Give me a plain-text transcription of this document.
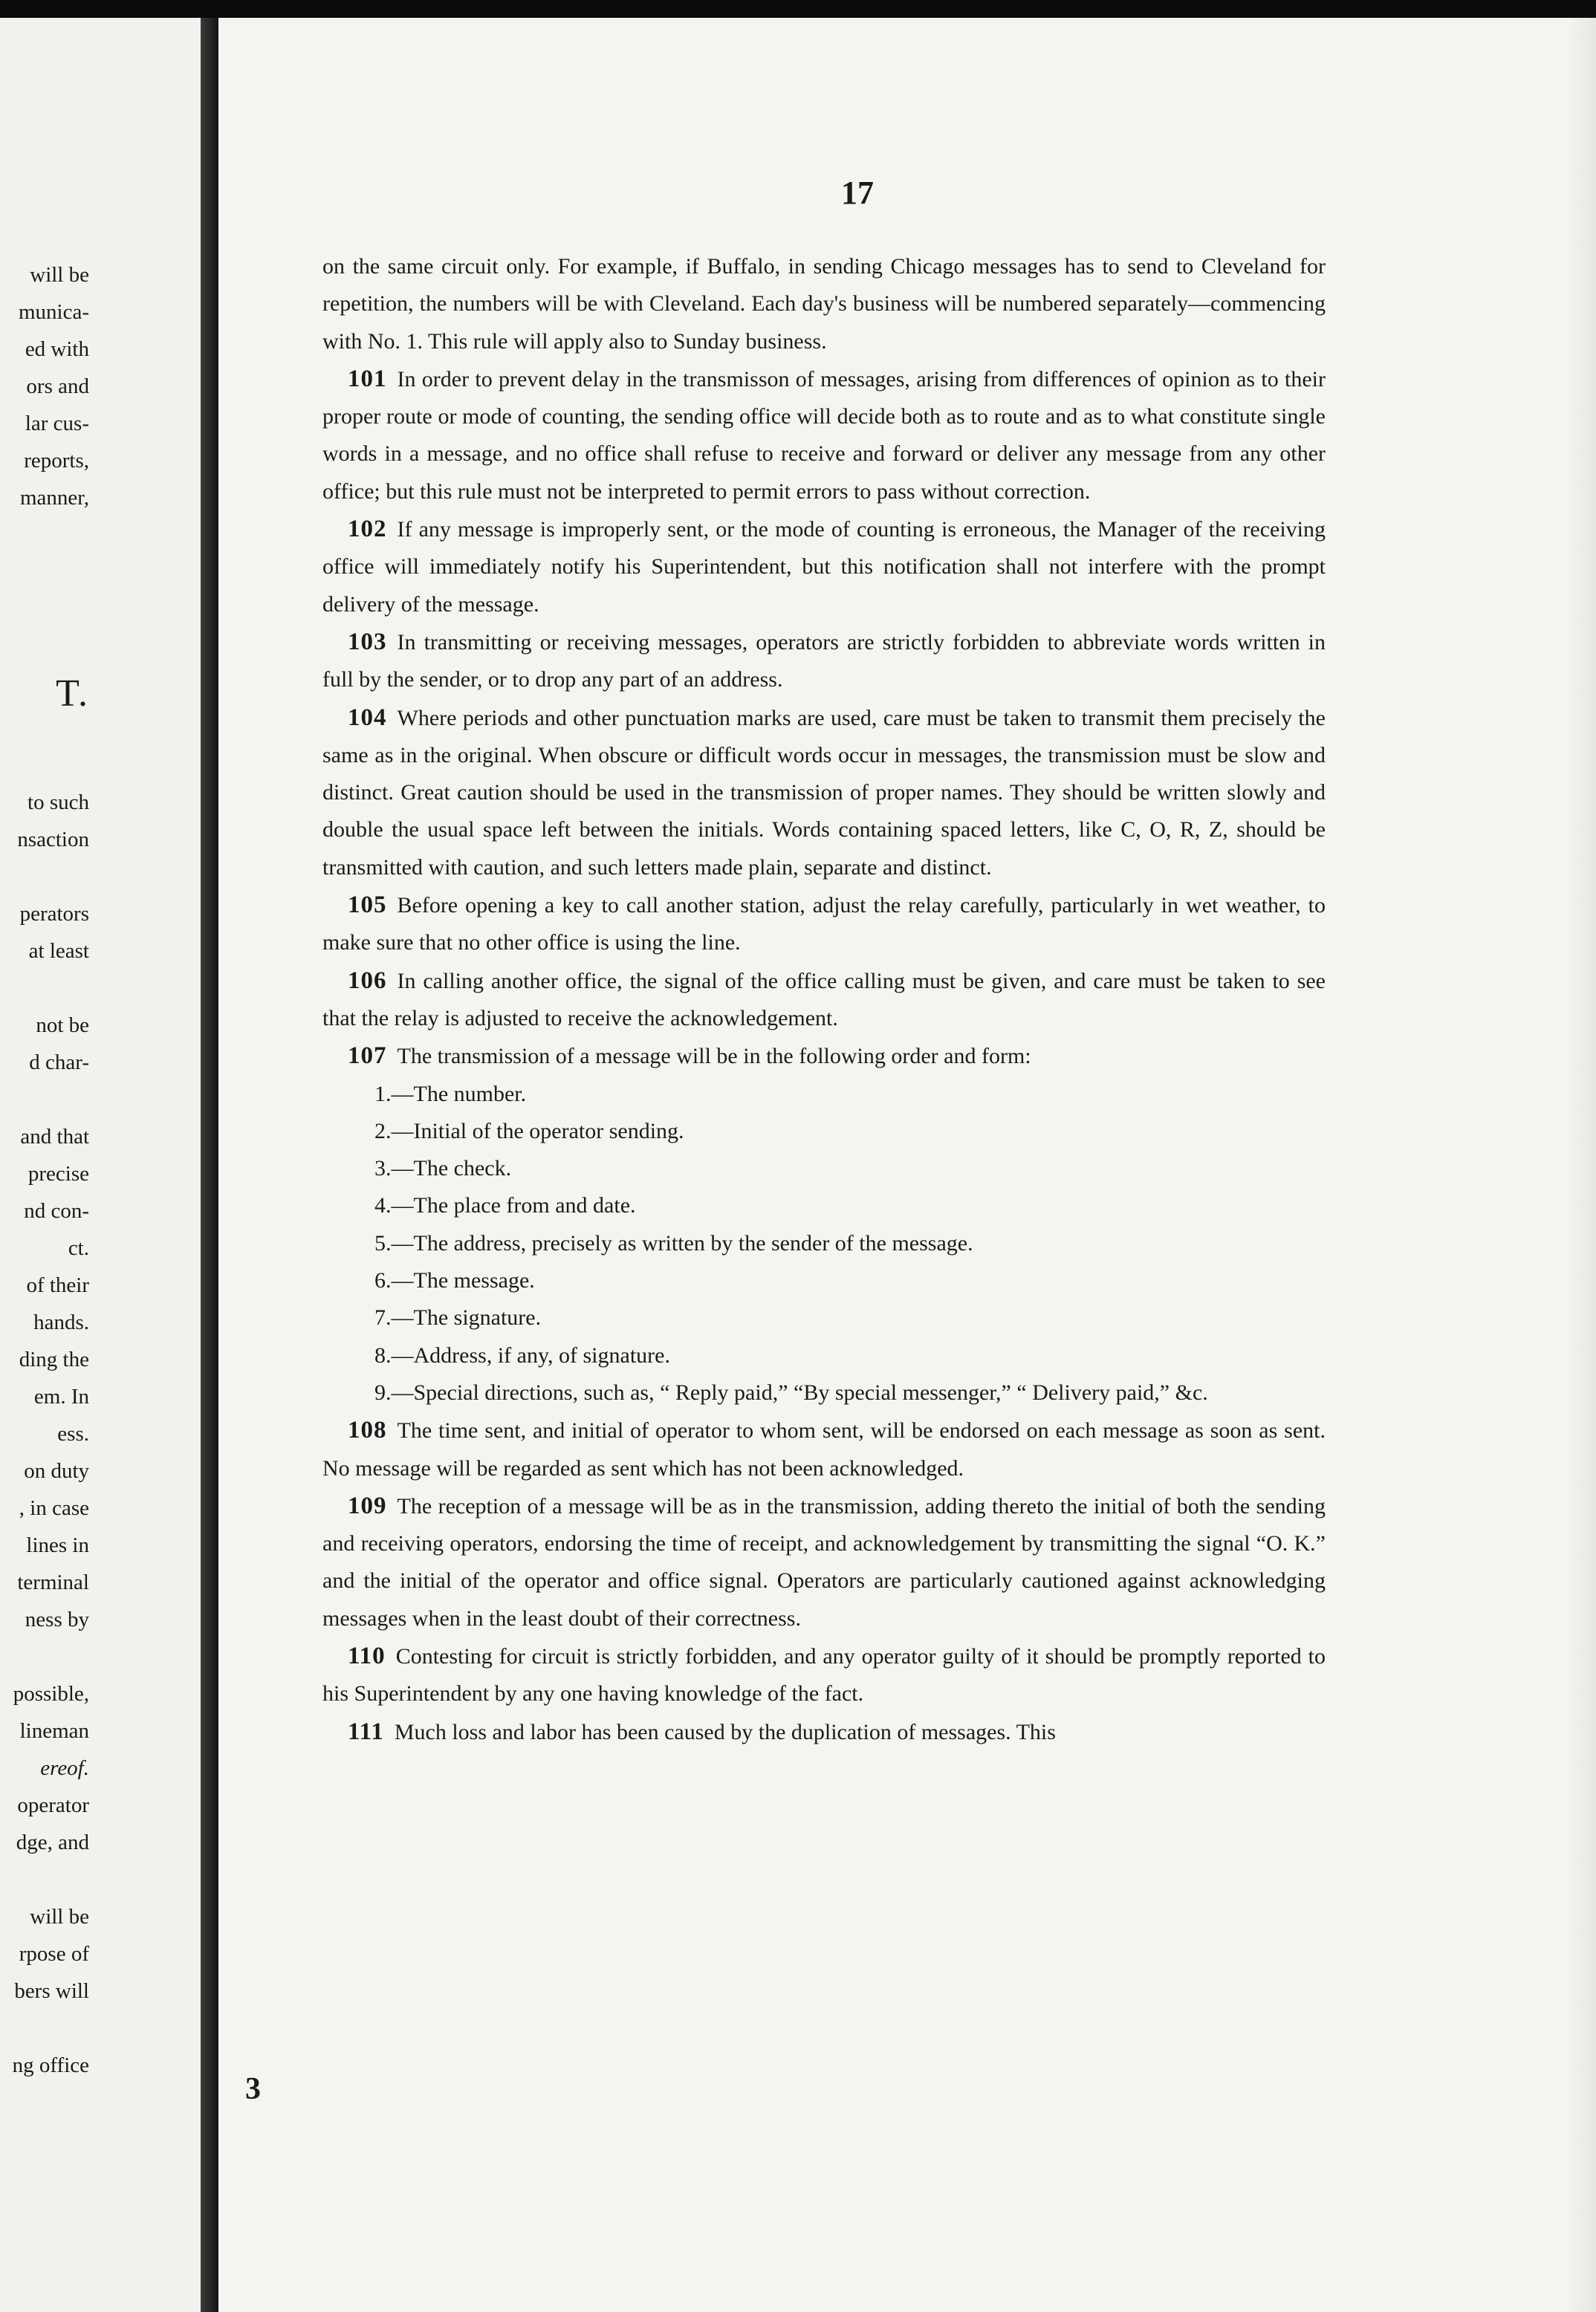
will be
munica-
ed with
ors and
lar cus-
reports,
manner,
T.
to such
nsaction
perators
at least
not be
d char-
and that
precise
nd con-
ct.
of their
hands.
ding the
em. In
ess.
on duty
, in case
lines in
terminal
ness by
possible,
lineman
ereof.
operator
dge, and
will be
rpose of
bers will
ng office
17

on the same circuit only. For example, if Buffalo, in sending Chicago messages has to send to Cleveland for repetition, the numbers will be with Cleveland. Each day's business will be numbered separately—commencing with No. 1. This rule will apply also to Sunday business.

101 In order to prevent delay in the transmisson of messages, arising from differences of opinion as to their proper route or mode of counting, the sending office will decide both as to route and as to what constitute single words in a message, and no office shall refuse to receive and forward or deliver any message from any other office; but this rule must not be interpreted to permit errors to pass without correction.

102 If any message is improperly sent, or the mode of counting is erroneous, the Manager of the receiving office will immediately notify his Superintendent, but this notification shall not interfere with the prompt delivery of the message.

103 In transmitting or receiving messages, operators are strictly forbidden to abbreviate words written in full by the sender, or to drop any part of an address.

104 Where periods and other punctuation marks are used, care must be taken to transmit them precisely the same as in the original. When obscure or difficult words occur in messages, the transmission must be slow and distinct. Great caution should be used in the transmission of proper names. They should be written slowly and double the usual space left between the initials. Words containing spaced letters, like C, O, R, Z, should be transmitted with caution, and such letters made plain, separate and distinct.

105 Before opening a key to call another station, adjust the relay carefully, particularly in wet weather, to make sure that no other office is using the line.

106 In calling another office, the signal of the office calling must be given, and care must be taken to see that the relay is adjusted to receive the acknowledgement.

107 The transmission of a message will be in the following order and form:

1.—The number.

2.—Initial of the operator sending.

3.—The check.

4.—The place from and date.

5.—The address, precisely as written by the sender of the message.

6.—The message.

7.—The signature.

8.—Address, if any, of signature.

9.—Special directions, such as, “ Reply paid,” “By special messenger,” “ Delivery paid,” &c.

108 The time sent, and initial of operator to whom sent, will be endorsed on each message as soon as sent. No message will be regarded as sent which has not been acknowledged.

109 The reception of a message will be as in the transmission, adding thereto the initial of both the sending and receiving operators, endorsing the time of receipt, and acknowledgement by transmitting the signal “O. K.” and the initial of the operator and office signal. Operators are particularly cautioned against acknowledging messages when in the least doubt of their correctness.

110 Contesting for circuit is strictly forbidden, and any operator guilty of it should be promptly reported to his Superintendent by any one having knowledge of the fact.

111 Much loss and labor has been caused by the duplication of messages. This

3
